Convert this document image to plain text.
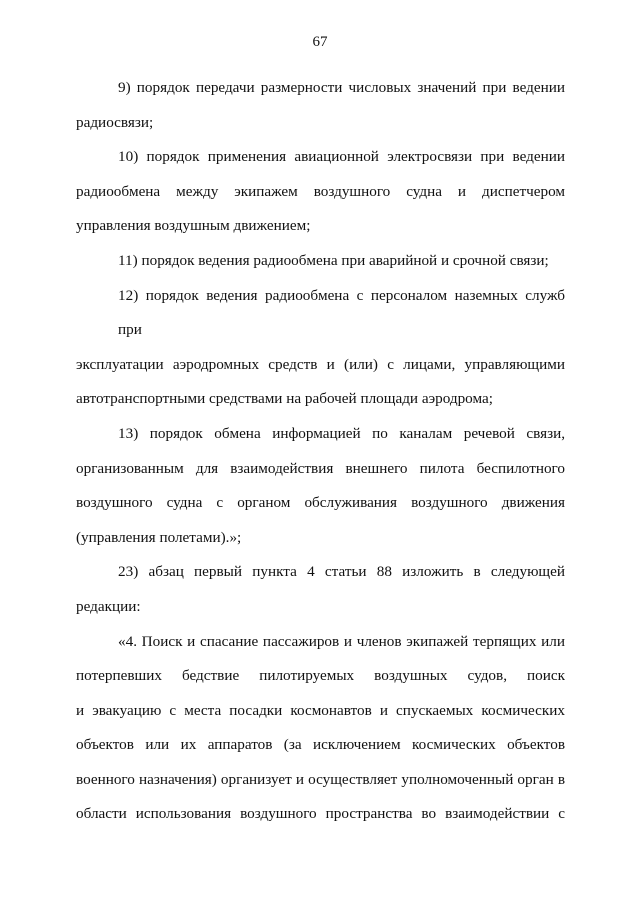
67

9) порядок передачи размерности числовых значений при ведении
радиосвязи;

10) порядок применения авиационной электросвязи при ведении
радиообмена между экипажем воздушного судна и диспетчером
управления воздушным движением;

11) порядок ведения радиообмена при аварийной и срочной связи;

12) порядок ведения радиообмена с персоналом наземных служб при
эксплуатации аэродромных средств и (или) с лицами, управляющими
автотранспортными средствами на рабочей площади аэродрома;

13) порядок обмена информацией по каналам речевой связи,
организованным для взаимодействия внешнего пилота беспилотного
воздушного судна с органом обслуживания воздушного движения
(управления полетами).»;

23) абзац первый пункта 4 статьи 88 изложить в следующей
редакции:

«4. Поиск и спасание пассажиров и членов экипажей терпящих или
потерпевших бедствие пилотируемых воздушных судов, поиск
и эвакуацию с места посадки космонавтов и спускаемых космических
объектов или их аппаратов (за исключением космических объектов
военного назначения) организует и осуществляет уполномоченный орган в
области использования воздушного пространства во взаимодействии с
